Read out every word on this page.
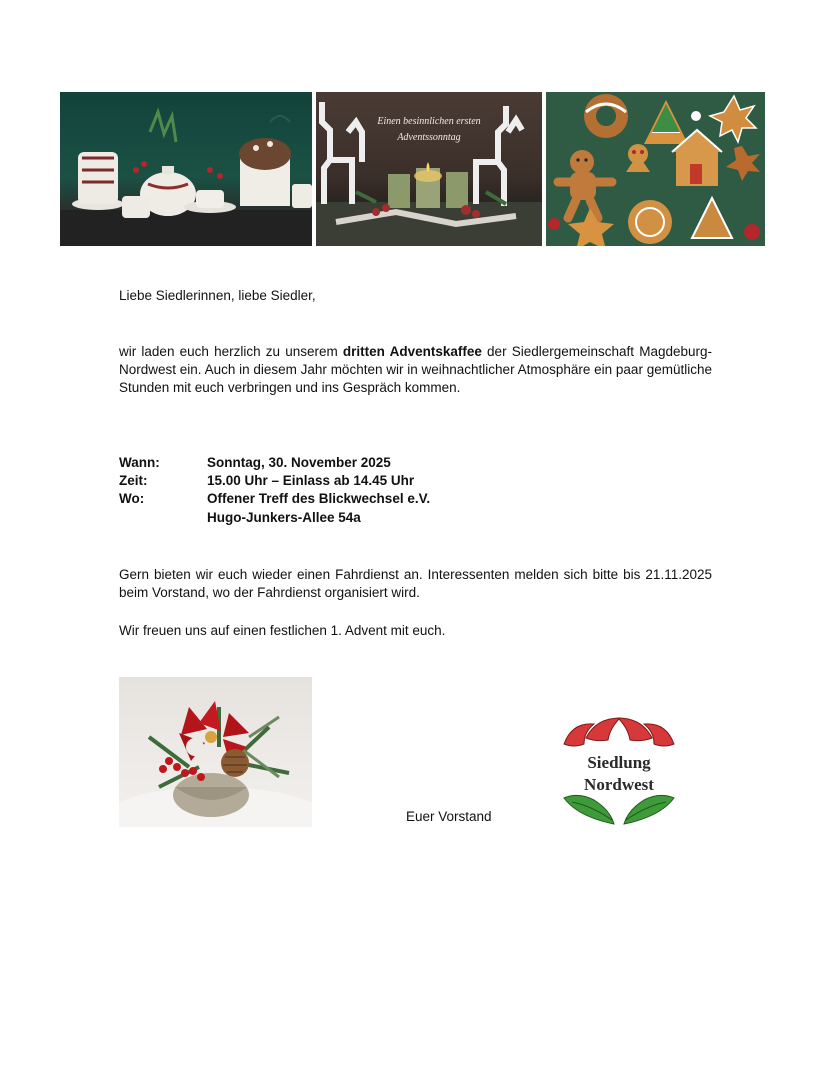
Einen besinnlichen ersten
Adventssonntag
Liebe Siedlerinnen, liebe Siedler,
wir laden euch herzlich zu unserem dritten Adventskaffee der Siedlergemeinschaft Magdeburg-Nordwest ein. Auch in diesem Jahr möchten wir in weihnachtlicher Atmosphäre ein paar gemütliche Stunden mit euch verbringen und ins Gespräch kommen.
Wann:	Sonntag, 30. November 2025
Zeit:	15.00 Uhr – Einlass ab 14.45 Uhr
Wo:	Offener Treff des Blickwechsel e.V.
Hugo-Junkers-Allee 54a
Gern bieten wir euch wieder einen Fahrdienst an. Interessenten melden sich bitte bis 21.11.2025 beim Vorstand, wo der Fahrdienst organisiert wird.
Wir freuen uns auf einen festlichen 1. Advent mit euch.
Euer Vorstand
Siedlung
Nordwest
